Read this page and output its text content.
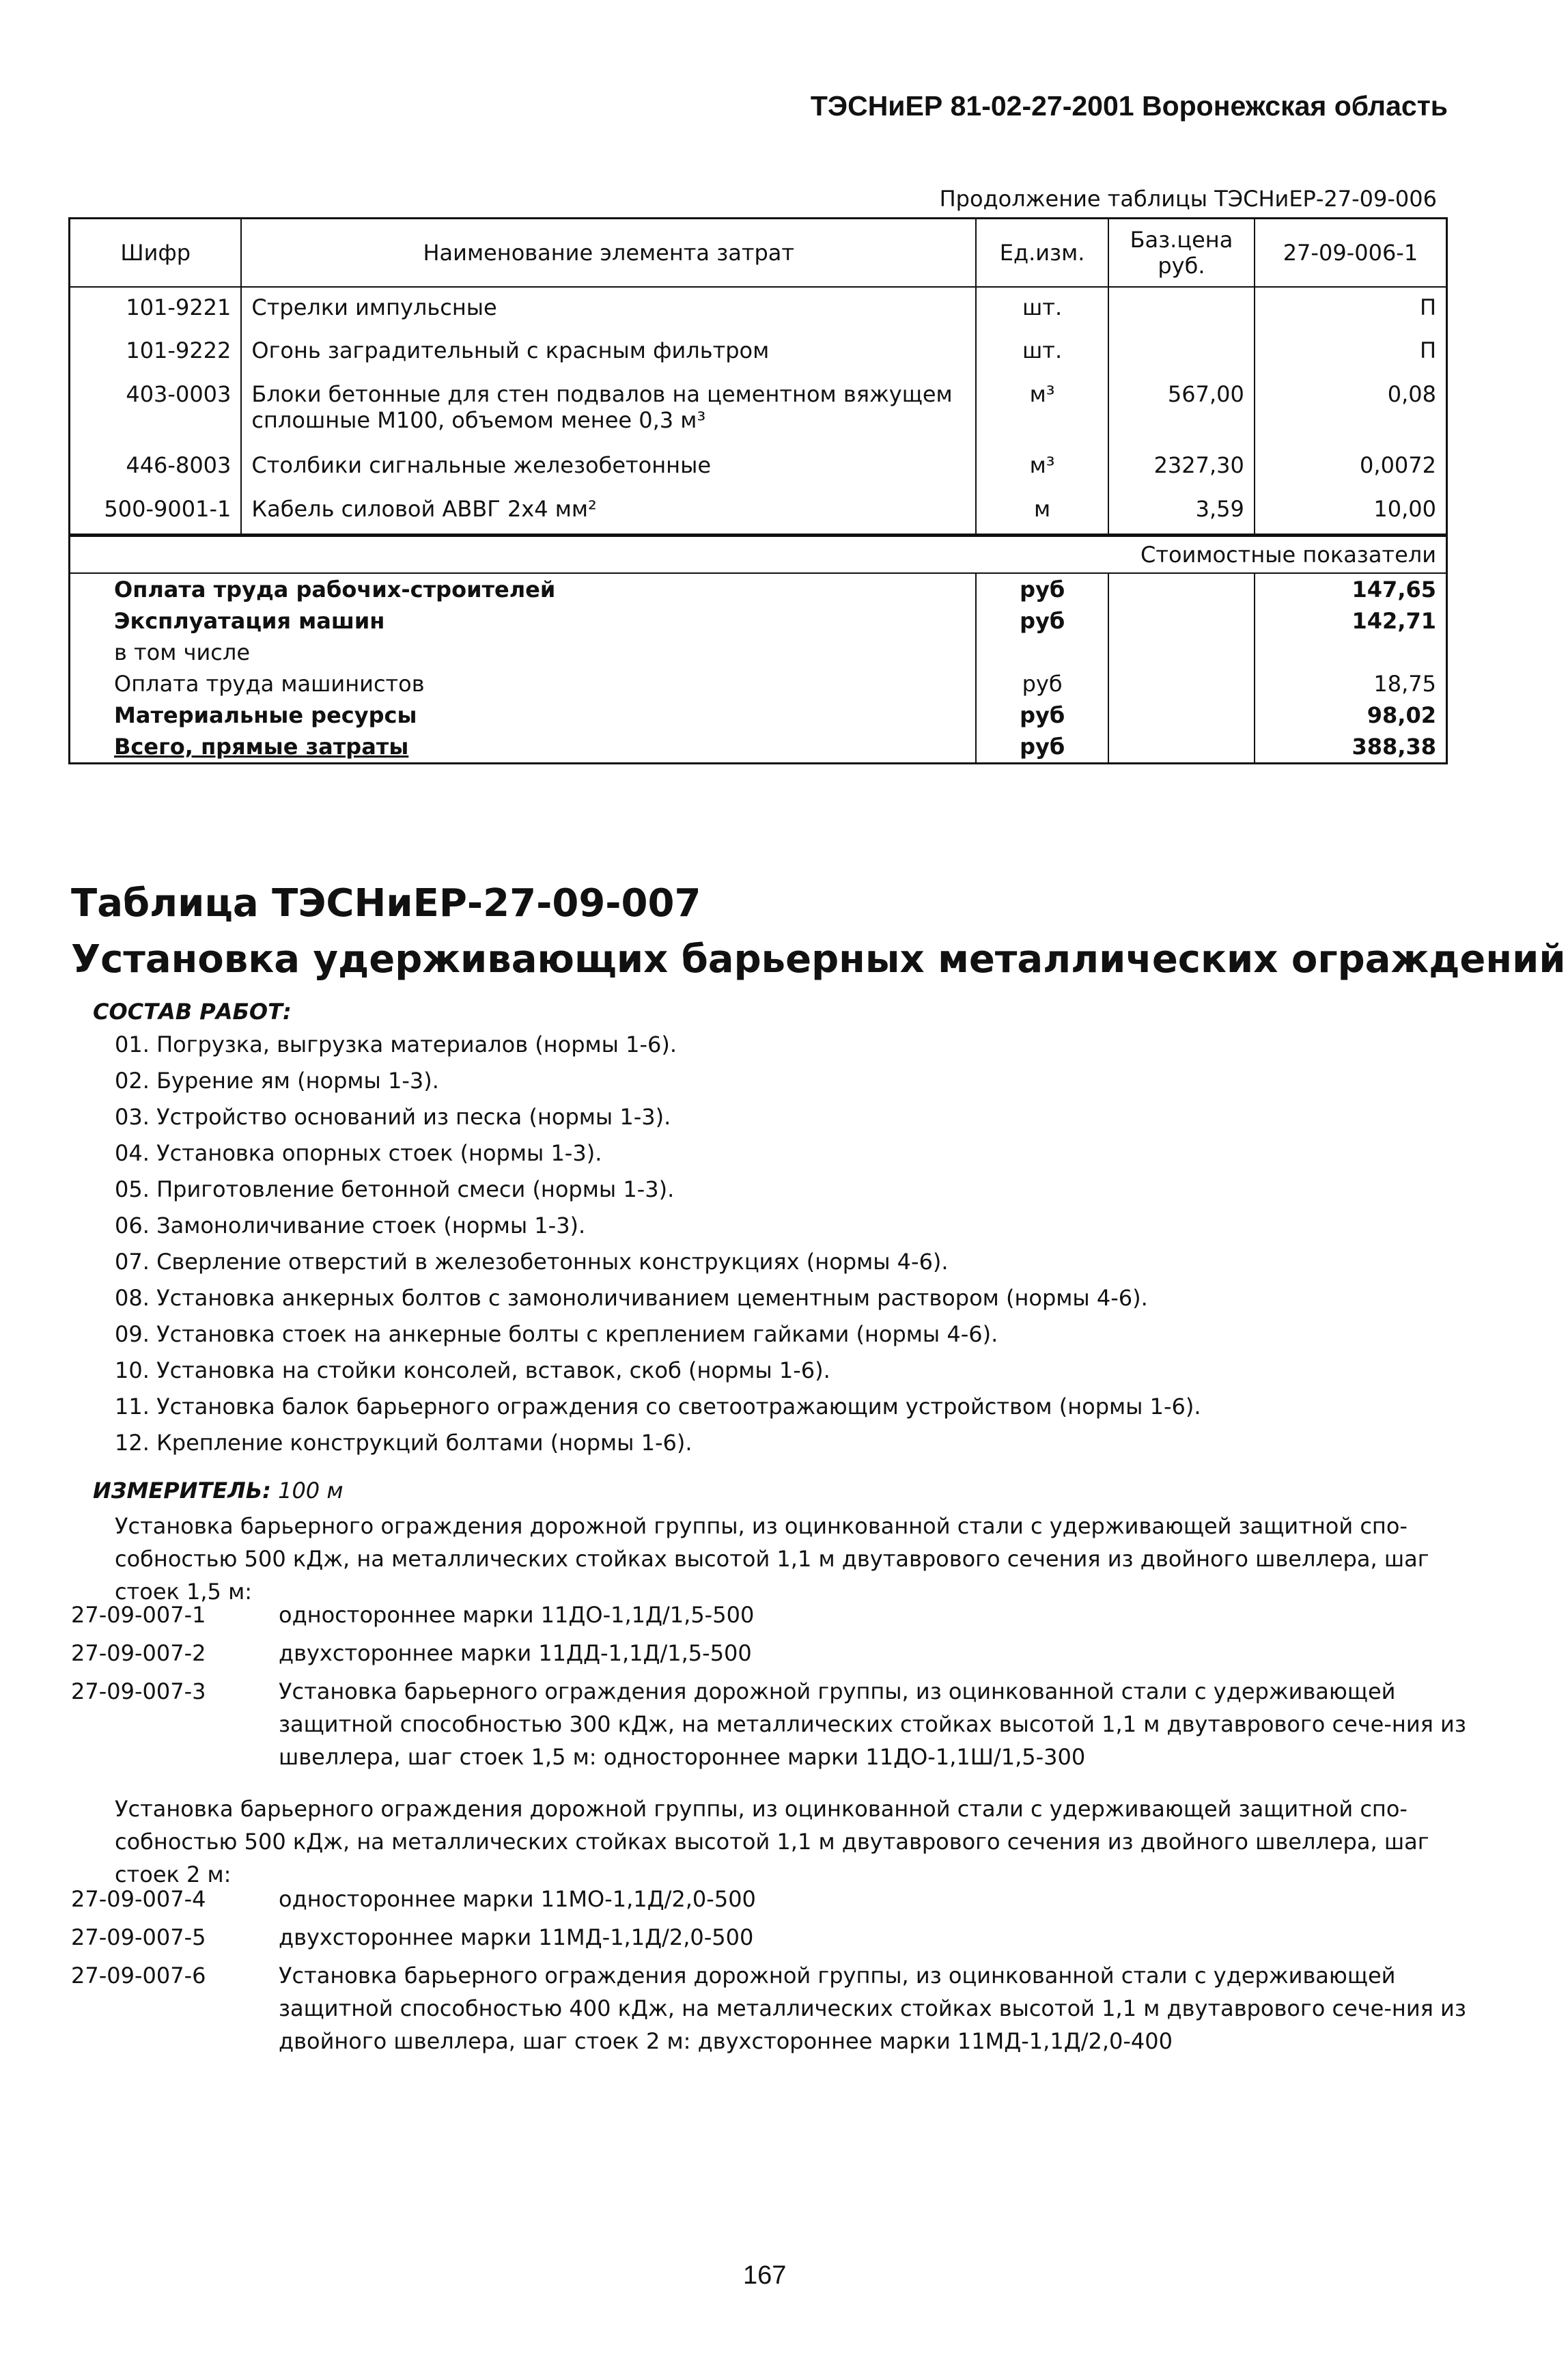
ТЭСНиЕР 81-02-27-2001 Воронежская область
Продолжение таблицы ТЭСНиЕР-27-09-006
Шифр	Наименование элемента затрат	Ед.изм.	Баз.цена руб.	27-09-006-1
101-9221	Стрелки импульсные	шт.		П
101-9222	Огонь заградительный с красным фильтром	шт.		П
403-0003	Блоки бетонные для стен подвалов на цементном вяжущем сплошные М100, объемом менее 0,3 м³	м³	567,00	0,08
446-8003	Столбики сигнальные железобетонные	м³	2327,30	0,0072
500-9001-1	Кабель силовой АВВГ 2х4 мм²	м	3,59	10,00
		Стоимостные показатели	
Оплата труда рабочих-строителей	руб		147,65
Эксплуатация машин	руб		142,71
в том числе			
Оплата труда машинистов	руб		18,75
Материальные ресурсы	руб		98,02
Всего, прямые затраты	руб		388,38
Таблица ТЭСНиЕР-27-09-007
Установка удерживающих барьерных металлических ограждений
СОСТАВ РАБОТ:
01. Погрузка, выгрузка материалов (нормы 1-6).
02. Бурение ям (нормы 1-3).
03. Устройство оснований из песка (нормы 1-3).
04. Установка опорных стоек (нормы 1-3).
05. Приготовление бетонной смеси (нормы 1-3).
06. Замоноличивание стоек (нормы 1-3).
07. Сверление отверстий в железобетонных конструкциях (нормы 4-6).
08. Установка анкерных болтов с замоноличиванием цементным раствором (нормы 4-6).
09. Установка стоек на анкерные болты с креплением гайками (нормы 4-6).
10. Установка на стойки консолей, вставок, скоб (нормы 1-6).
11. Установка балок барьерного ограждения со светоотражающим устройством (нормы 1-6).
12. Крепление конструкций болтами (нормы 1-6).
ИЗМЕРИТЕЛЬ: 100 м
Установка барьерного ограждения дорожной группы, из оцинкованной стали с удерживающей защитной спо-собностью 500 кДж, на металлических стойках высотой 1,1 м двутаврового сечения из двойного швеллера, шаг стоек 1,5 м:
27-09-007-1	одностороннее марки 11ДО-1,1Д/1,5-500
27-09-007-2	двухстороннее марки 11ДД-1,1Д/1,5-500
27-09-007-3	Установка барьерного ограждения дорожной группы, из оцинкованной стали с удерживающей защитной способностью 300 кДж, на металлических стойках высотой 1,1 м двутаврового сече-ния из швеллера, шаг стоек 1,5 м: одностороннее марки 11ДО-1,1Ш/1,5-300
Установка барьерного ограждения дорожной группы, из оцинкованной стали с удерживающей защитной спо-собностью 500 кДж, на металлических стойках высотой 1,1 м двутаврового сечения из двойного швеллера, шаг стоек 2 м:
27-09-007-4	одностороннее марки 11МО-1,1Д/2,0-500
27-09-007-5	двухстороннее марки 11МД-1,1Д/2,0-500
27-09-007-6	Установка барьерного ограждения дорожной группы, из оцинкованной стали с удерживающей защитной способностью 400 кДж, на металлических стойках высотой 1,1 м двутаврового сече-ния из двойного швеллера, шаг стоек 2 м: двухстороннее марки 11МД-1,1Д/2,0-400
167
